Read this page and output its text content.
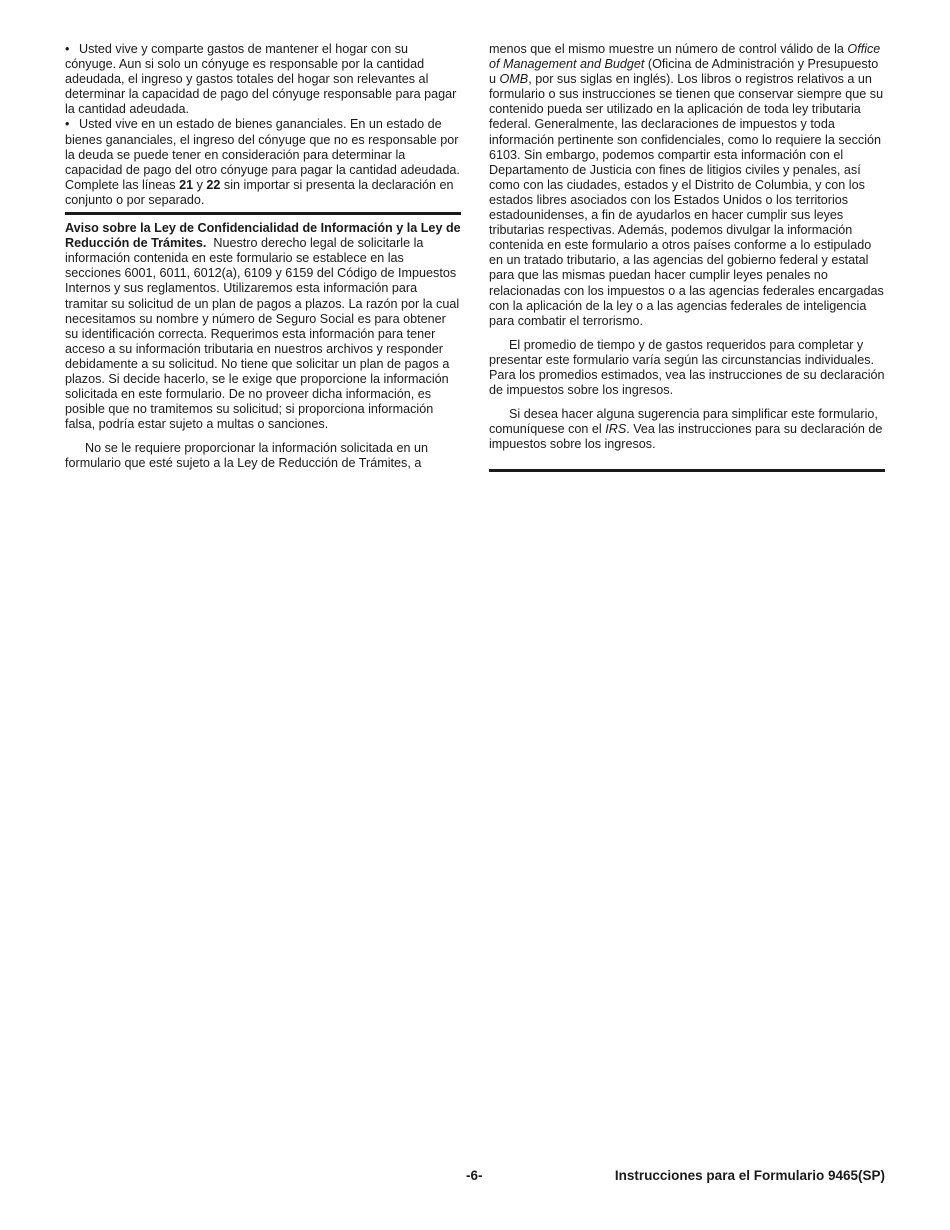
• Usted vive y comparte gastos de mantener el hogar con su cónyuge. Aun si solo un cónyuge es responsable por la cantidad adeudada, el ingreso y gastos totales del hogar son relevantes al determinar la capacidad de pago del cónyuge responsable para pagar la cantidad adeudada.

• Usted vive en un estado de bienes gananciales. En un estado de bienes gananciales, el ingreso del cónyuge que no es responsable por la deuda se puede tener en consideración para determinar la capacidad de pago del otro cónyuge para pagar la cantidad adeudada.

Complete las líneas 21 y 22 sin importar si presenta la declaración en conjunto o por separado.

Aviso sobre la Ley de Confidencialidad de Información y la Ley de Reducción de Trámites. Nuestro derecho legal de solicitarle la información contenida en este formulario se establece en las secciones 6001, 6011, 6012(a), 6109 y 6159 del Código de Impuestos Internos y sus reglamentos. Utilizaremos esta información para tramitar su solicitud de un plan de pagos a plazos. La razón por la cual necesitamos su nombre y número de Seguro Social es para obtener su identificación correcta. Requerimos esta información para tener acceso a su información tributaria en nuestros archivos y responder debidamente a su solicitud. No tiene que solicitar un plan de pagos a plazos. Si decide hacerlo, se le exige que proporcione la información solicitada en este formulario. De no proveer dicha información, es posible que no tramitemos su solicitud; si proporciona información falsa, podría estar sujeto a multas o sanciones.

No se le requiere proporcionar la información solicitada en un formulario que esté sujeto a la Ley de Reducción de Trámites, a

menos que el mismo muestre un número de control válido de la Office of Management and Budget (Oficina de Administración y Presupuesto u OMB, por sus siglas en inglés). Los libros o registros relativos a un formulario o sus instrucciones se tienen que conservar siempre que su contenido pueda ser utilizado en la aplicación de toda ley tributaria federal. Generalmente, las declaraciones de impuestos y toda información pertinente son confidenciales, como lo requiere la sección 6103. Sin embargo, podemos compartir esta información con el Departamento de Justicia con fines de litigios civiles y penales, así como con las ciudades, estados y el Distrito de Columbia, y con los estados libres asociados con los Estados Unidos o los territorios estadounidenses, a fin de ayudarlos en hacer cumplir sus leyes tributarias respectivas. Además, podemos divulgar la información contenida en este formulario a otros países conforme a lo estipulado en un tratado tributario, a las agencias del gobierno federal y estatal para que las mismas puedan hacer cumplir leyes penales no relacionadas con los impuestos o a las agencias federales encargadas con la aplicación de la ley o a las agencias federales de inteligencia para combatir el terrorismo.

El promedio de tiempo y de gastos requeridos para completar y presentar este formulario varía según las circunstancias individuales. Para los promedios estimados, vea las instrucciones de su declaración de impuestos sobre los ingresos.

Si desea hacer alguna sugerencia para simplificar este formulario, comuníquese con el IRS. Vea las instrucciones para su declaración de impuestos sobre los ingresos.

-6-	Instrucciones para el Formulario 9465(SP)
